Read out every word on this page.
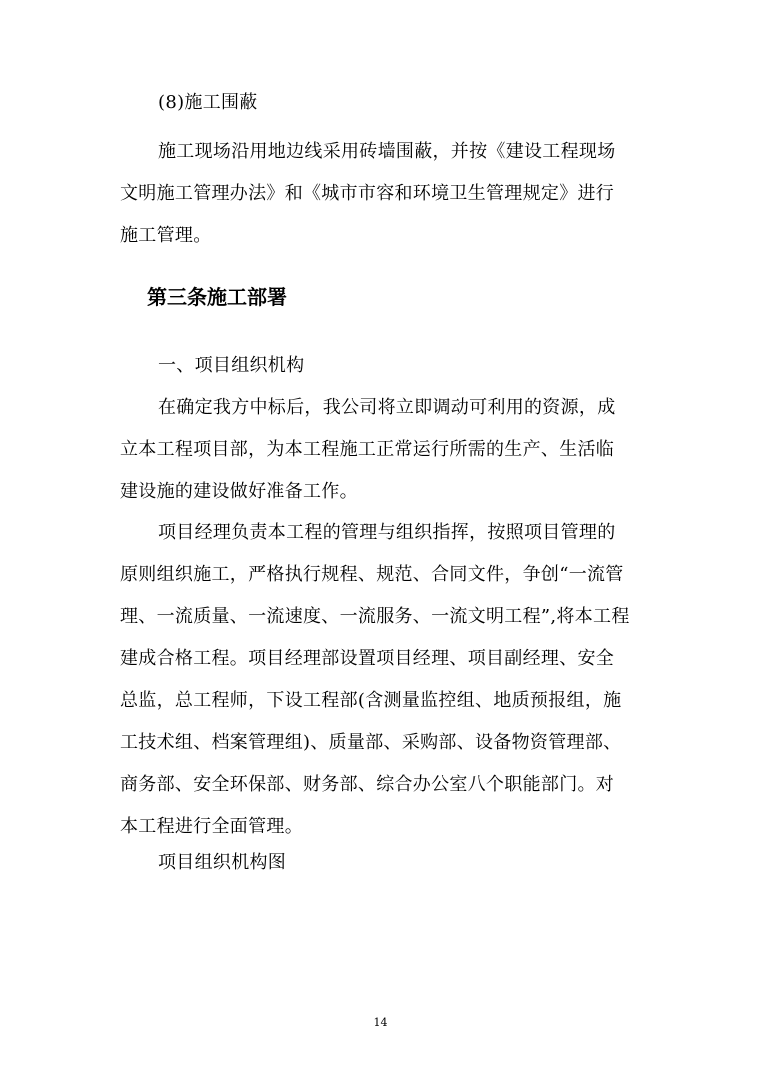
(8)施工围蔽
施工现场沿用地边线采用砖墙围蔽，并按《建设工程现场
文明施工管理办法》和《城市市容和环境卫生管理规定》进行
施工管理。
第三条施工部署
一、项目组织机构
在确定我方中标后，我公司将立即调动可利用的资源，成
立本工程项目部，为本工程施工正常运行所需的生产、生活临
建设施的建设做好准备工作。
项目经理负责本工程的管理与组织指挥，按照项目管理的
原则组织施工，严格执行规程、规范、合同文件，争创“一流管
理、一流质量、一流速度、一流服务、一流文明工程”,将本工程
建成合格工程。项目经理部设置项目经理、项目副经理、安全
总监，总工程师，下设工程部(含测量监控组、地质预报组，施
工技术组、档案管理组)、质量部、采购部、设备物资管理部、
商务部、安全环保部、财务部、综合办公室八个职能部门。对
本工程进行全面管理。
项目组织机构图
14
